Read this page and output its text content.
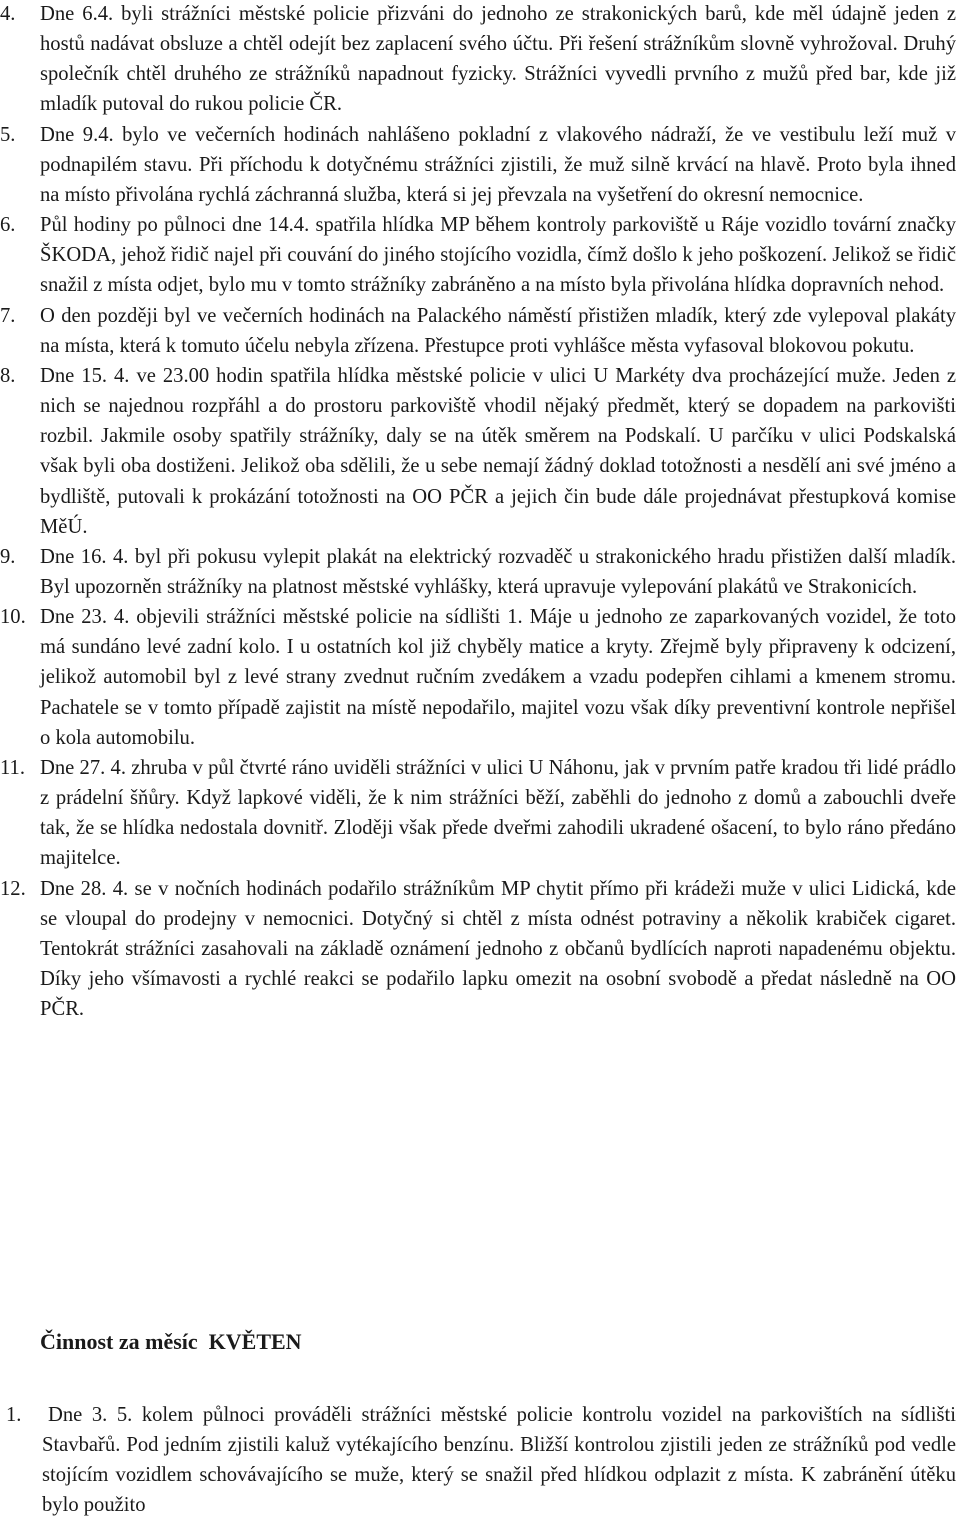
4.	Dne 6.4. byli strážníci městské policie přizváni do jednoho ze strakonických barů, kde měl údajně jeden z hostů nadávat obsluze a chtěl odejít bez zaplacení svého účtu. Při řešení strážníkům slovně vyhrožoval. Druhý společník chtěl druhého ze strážníků napadnout fyzicky. Strážníci vyvedli prvního z mužů před bar, kde již mladík putoval do rukou policie ČR.
5.	Dne 9.4. bylo ve večerních hodinách nahlášeno pokladní z vlakového nádraží, že ve vestibulu leží muž v podnapilém stavu. Při příchodu k dotyčnému strážníci zjistili, že muž silně krvácí na hlavě. Proto byla ihned na místo přivolána rychlá záchranná služba, která si jej převzala na vyšetření do okresní nemocnice.
6.	Půl hodiny po půlnoci dne 14.4. spatřila hlídka MP během kontroly parkoviště u Ráje vozidlo tovární značky ŠKODA, jehož řidič najel při couvání do jiného stojícího vozidla, čímž došlo k jeho poškození. Jelikož se řidič snažil z místa odjet, bylo mu v tomto strážníky zabráněno a na místo byla přivolána hlídka dopravních nehod.
7.	O den později byl ve večerních hodinách na Palackého náměstí přistižen mladík, který zde vylepoval plakáty na místa, která k tomuto účelu nebyla zřízena. Přestupce proti vyhlášce města vyfasoval blokovou pokutu.
8.	Dne 15. 4. ve 23.00 hodin spatřila hlídka městské policie v ulici U Markéty dva procházející muže. Jeden z nich se najednou rozpřáhl a do prostoru parkoviště vhodil nějaký předmět, který se dopadem na parkovišti rozbil. Jakmile osoby spatřily strážníky, daly se na útěk směrem na Podskalí. U parčíku v ulici Podskalská však byli oba dostiženi. Jelikož oba sdělili, že u sebe nemají žádný doklad totožnosti a nesdělí ani své jméno a bydliště, putovali k prokázání totožnosti na OO PČR a jejich čin bude dále projednávat přestupková komise MěÚ.
9.	Dne 16. 4. byl při pokusu vylepit plakát na elektrický rozvaděč u strakonického hradu přistižen další mladík. Byl upozorněn strážníky na platnost městské vyhlášky, která upravuje vylepování plakátů ve Strakonicích.
10. Dne 23. 4. objevili strážníci městské policie na sídlišti 1. Máje u jednoho ze zaparkovaných vozidel, že toto má sundáno levé zadní kolo. I u ostatních kol již chyběly matice a kryty. Zřejmě byly připraveny k odcizení, jelikož automobil byl z levé strany zvednut ručním zvedákem a vzadu podepřen cihlami a kmenem stromu. Pachatele se v tomto případě zajistit na místě nepodařilo, majitel vozu však díky preventivní kontrole nepřišel o kola automobilu.
11. Dne 27. 4. zhruba v půl čtvrté ráno uviděli strážníci v ulici U Náhonu, jak v prvním patře kradou tři lidé prádlo z prádelní šňůry. Když lapkové viděli, že k nim strážníci běží, zaběhli do jednoho z domů a zabouchli dveře tak, že se hlídka nedostala dovnitř. Zloději však přede dveřmi zahodili ukradené ošacení, to bylo ráno předáno majitelce.
12. Dne 28. 4. se v nočních hodinách podařilo strážníkům MP chytit přímo při krádeži muže v ulici Lidická, kde se vloupal do prodejny v nemocnici. Dotyčný si chtěl z místa odnést potraviny a několik krabiček cigaret. Tentokrát strážníci zasahovali na základě oznámení jednoho z občanů bydlících naproti napadenému objektu. Díky jeho všímavosti a rychlé reakci se podařilo lapku omezit na osobní svobodě a předat následně na OO PČR.
Činnost za měsíc  KVĚTEN
1.	Dne 3. 5. kolem půlnoci prováděli strážníci městské policie kontrolu vozidel na parkovištích na sídlišti Stavbařů. Pod jedním zjistili kaluž vytékajícího benzínu. Bližší kontrolou zjistili jeden ze strážníků pod vedle stojícím vozidlem schovávajícího se muže, který se snažil před hlídkou odplazit z místa. K zabránění útěku bylo použito
